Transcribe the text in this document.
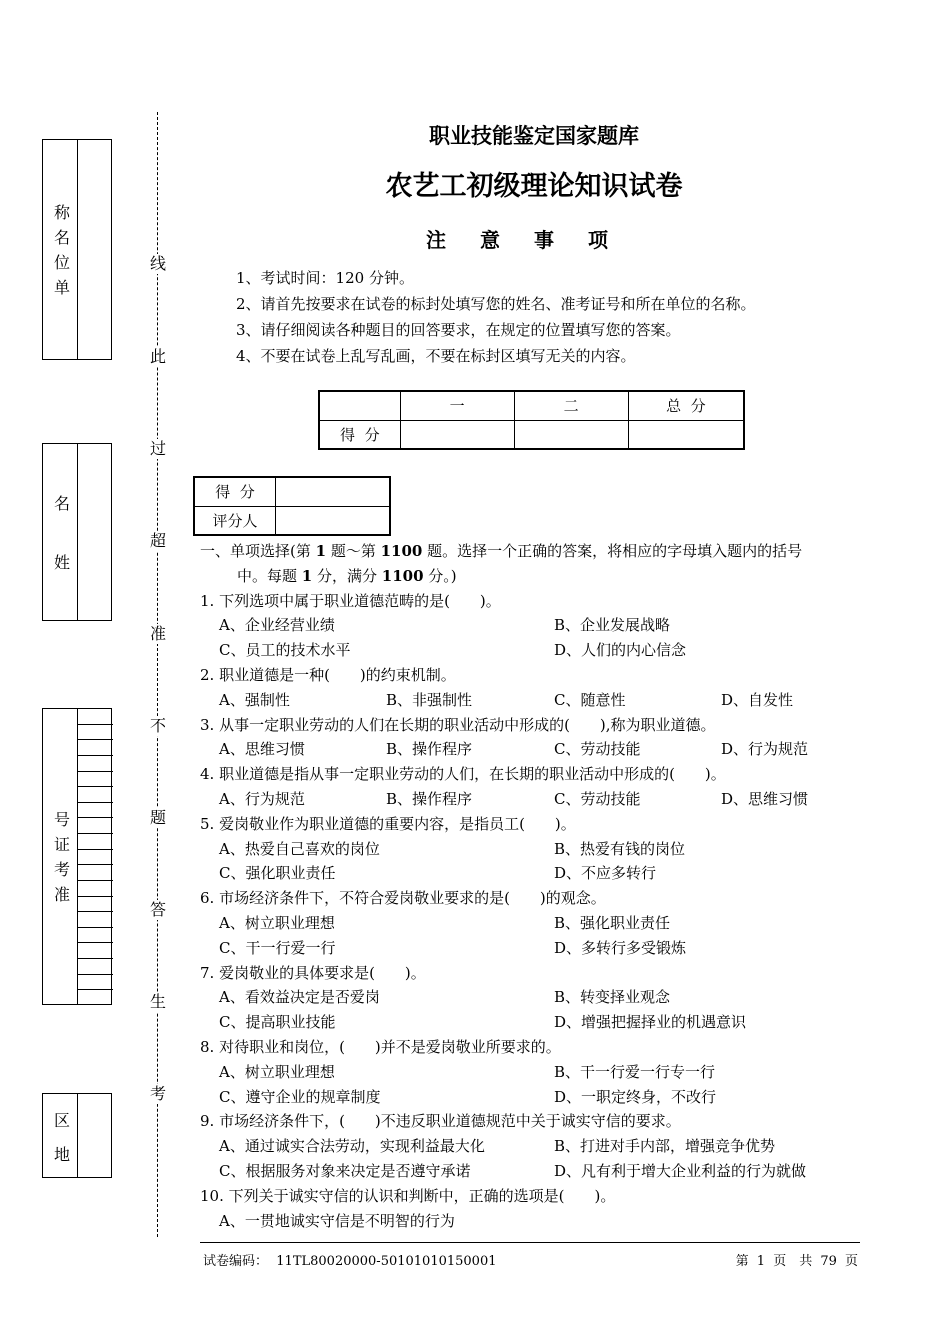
称
名
位
单
名
姓
号
证
考
准
区
地
线
此
过
超
准
不
题
答
生
考
职业技能鉴定国家题库
农艺工初级理论知识试卷
注意事项
1、考试时间：120 分钟。
2、请首先按要求在试卷的标封处填写您的姓名、准考证号和所在单位的名称。
3、请仔细阅读各种题目的回答要求，在规定的位置填写您的答案。
4、不要在试卷上乱写乱画，不要在标封区填写无关的内容。
	一	二	总  分
得  分			
得  分	
评分人	
一、单项选择(第 1 题～第 1100 题。选择一个正确的答案，将相应的字母填入题内的括号
中。每题 1 分，满分 1100 分。)
1. 下列选项中属于职业道德范畴的是(　　)。
A、企业经营业绩	B、企业发展战略
C、员工的技术水平	D、人们的内心信念
2. 职业道德是一种(　　)的约束机制。
A、强制性	B、非强制性	C、随意性	D、自发性
3. 从事一定职业劳动的人们在长期的职业活动中形成的(　　),称为职业道德。
A、思维习惯	B、操作程序	C、劳动技能	D、行为规范
4. 职业道德是指从事一定职业劳动的人们，在长期的职业活动中形成的(　　)。
A、行为规范	B、操作程序	C、劳动技能	D、思维习惯
5. 爱岗敬业作为职业道德的重要内容，是指员工(　　)。
A、热爱自己喜欢的岗位	B、热爱有钱的岗位
C、强化职业责任	D、不应多转行
6. 市场经济条件下，不符合爱岗敬业要求的是(　　)的观念。
A、树立职业理想	B、强化职业责任
C、干一行爱一行	D、多转行多受锻炼
7. 爱岗敬业的具体要求是(　　)。
A、看效益决定是否爱岗	B、转变择业观念
C、提高职业技能	D、增强把握择业的机遇意识
8. 对待职业和岗位，(　　)并不是爱岗敬业所要求的。
A、树立职业理想	B、干一行爱一行专一行
C、遵守企业的规章制度	D、一职定终身，不改行
9. 市场经济条件下，(　　)不违反职业道德规范中关于诚实守信的要求。
A、通过诚实合法劳动，实现利益最大化	B、打进对手内部，增强竞争优势
C、根据服务对象来决定是否遵守承诺	D、凡有利于增大企业利益的行为就做
10. 下列关于诚实守信的认识和判断中，正确的选项是(　　)。
A、一贯地诚实守信是不明智的行为
试卷编码： 11TL80020000-50101010150001	第 1 页　共 79 页
